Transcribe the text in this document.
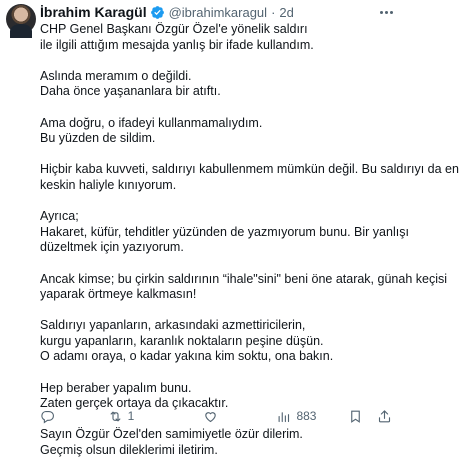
İbrahim Karagül @ibrahimkaragul · 2d
CHP Genel Başkanı Özgür Özel'e yönelik saldırı
ile ilgili attığım mesajda yanlış bir ifade kullandım.
Aslında meramım o değildi.
Daha önce yaşananlara bir atıftı.
Ama doğru, o ifadeyi kullanmamalıydım.
Bu yüzden de sildim.
Hiçbir kaba kuvveti, saldırıyı kabullenmem mümkün değil. Bu saldırıyı da en
keskin haliyle kınıyorum.
Ayrıca;
Hakaret, küfür, tehditler yüzünden de yazmıyorum bunu. Bir yanlışı
düzeltmek için yazıyorum.
Ancak kimse; bu çirkin saldırının “ihale"sini" beni öne atarak, günah keçisi
yaparak örtmeye kalkmasın!
Saldırıyı yapanların, arkasındaki azmettiricilerin,
kurgu yapanların, karanlık noktaların peşine düşün.
O adamı oraya, o kadar yakına kim soktu, ona bakın.
Hep beraber yapalım bunu.
Zaten gerçek ortaya da çıkacaktır.
Sayın Özgür Özel'den samimiyetle özür dilerim.
Geçmiş olsun dileklerimi iletirim.
1	883
